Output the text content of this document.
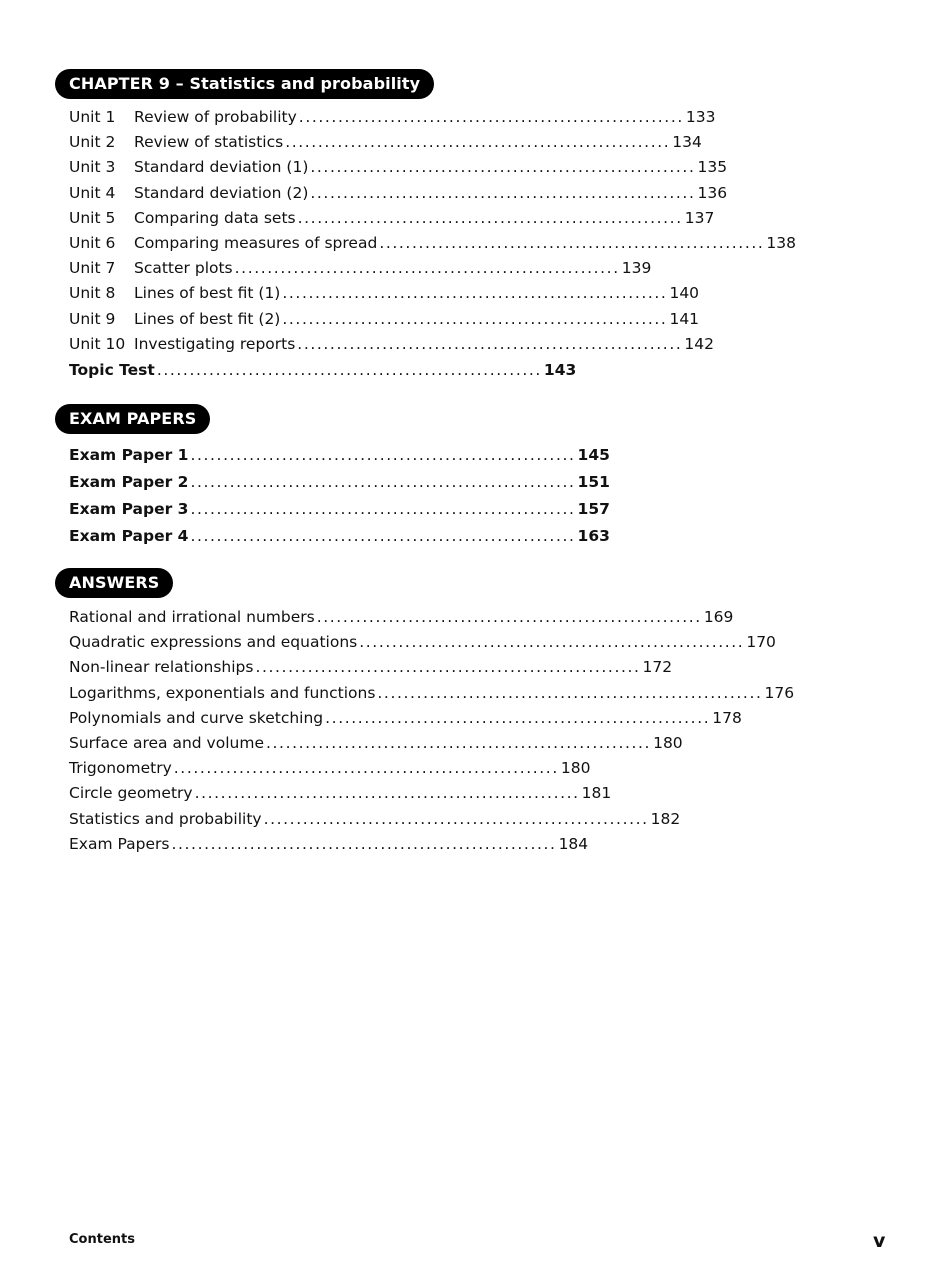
CHAPTER 9 – Statistics and probability
Unit 1	Review of probability ........................................................... 133
Unit 2	Review of statistics ........................................................... 134
Unit 3	Standard deviation (1) ........................................................... 135
Unit 4	Standard deviation (2) ........................................................... 136
Unit 5	Comparing data sets ........................................................... 137
Unit 6	Comparing measures of spread ........................................................... 138
Unit 7	Scatter plots ........................................................... 139
Unit 8	Lines of best fit (1) ........................................................... 140
Unit 9	Lines of best fit (2) ........................................................... 141
Unit 10 Investigating reports ........................................................... 142
Topic Test ........................................................... 143
EXAM PAPERS
Exam Paper 1 ........................................................... 145
Exam Paper 2 ........................................................... 151
Exam Paper 3 ........................................................... 157
Exam Paper 4 ........................................................... 163
ANSWERS
Rational and irrational numbers ........................................................... 169
Quadratic expressions and equations ........................................................... 170
Non-linear relationships ........................................................... 172
Logarithms, exponentials and functions ........................................................... 176
Polynomials and curve sketching ........................................................... 178
Surface area and volume ........................................................... 180
Trigonometry ........................................................... 180
Circle geometry ........................................................... 181
Statistics and probability ........................................................... 182
Exam Papers ........................................................... 184
Contents	v
